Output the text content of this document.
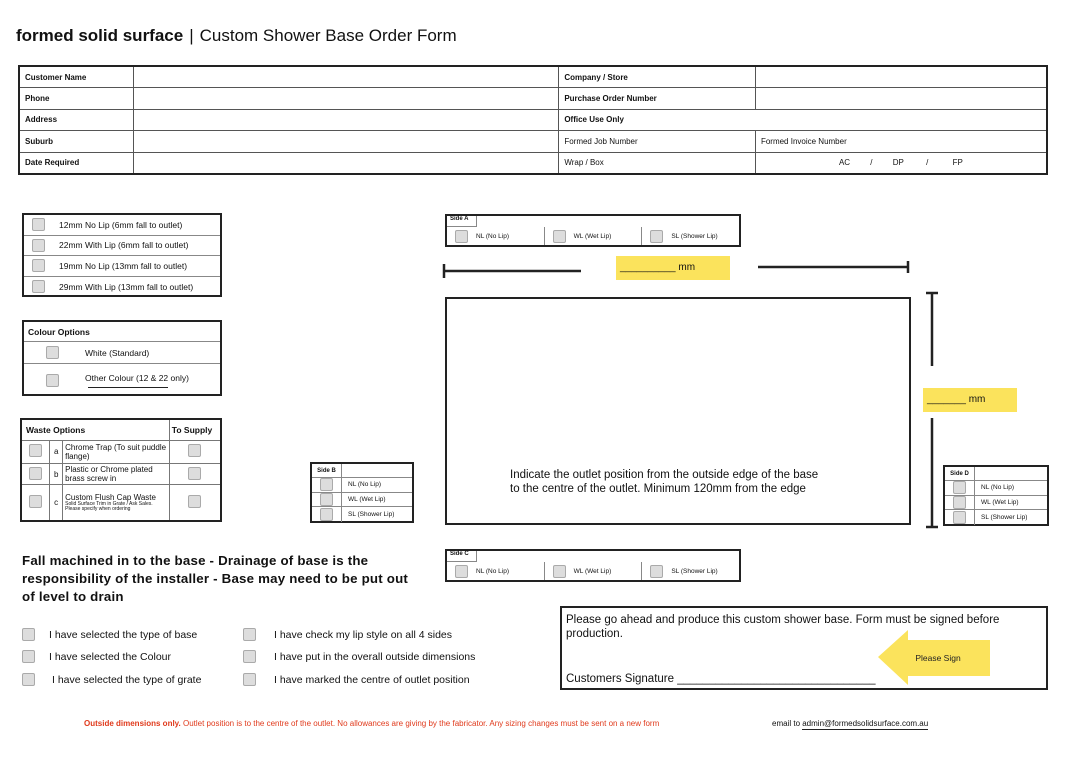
formed solid surface | Custom Shower Base Order Form
Customer Name		Company / Store	
Phone		Purchase Order Number	
Address		Office Use Only	
Suburb		Formed Job Number	Formed Invoice Number
Date Required		Wrap / Box	AC / DP / FP
12mm No Lip (6mm fall to outlet)
22mm With Lip (6mm fall to outlet)
19mm No Lip (13mm fall to outlet)
29mm With Lip (13mm fall to outlet)
Colour Options
White (Standard)
Other Colour (12 & 22 only)
Waste Options			To Supply
	a	Chrome Trap (To suit puddle flange)	
	b	Plastic or Chrome plated brass screw in	
	c	Custom Flush Cap Waste
Solid Surface Trim in Grate / Ask Sales. Please specify when ordering	

Side A
NL (No Lip)	WL (Wet Lip)	SL (Shower Lip)
Side C
NL (No Lip)	WL (Wet Lip)	SL (Shower Lip)
Side B
NL (No Lip)
WL (Wet Lip)
SL (Shower Lip)
Side D
NL (No Lip)
WL (Wet Lip)
SL (Shower Lip)
__________ mm
_______ mm
Indicate the outlet position from the outside edge of the base
to the centre of the outlet. Minimum 120mm from the edge
Fall machined in to the base - Drainage of base is the responsibility of the installer - Base may need to be put out of level to drain
I have selected the type of base
I have selected the Colour
I have selected the type of grate
I have check my lip style on all 4 sides
I have put in the overall outside dimensions
I have marked the centre of outlet position
Please go ahead and produce this custom shower base. Form must be signed before production.
Customers Signature _______________________________
Please Sign
Outside dimensions only. Outlet position is to the centre of the outlet. No allowances are giving by the fabricator. Any sizing changes must be sent on a new form	email to admin@formedsolidsurface.com.au
